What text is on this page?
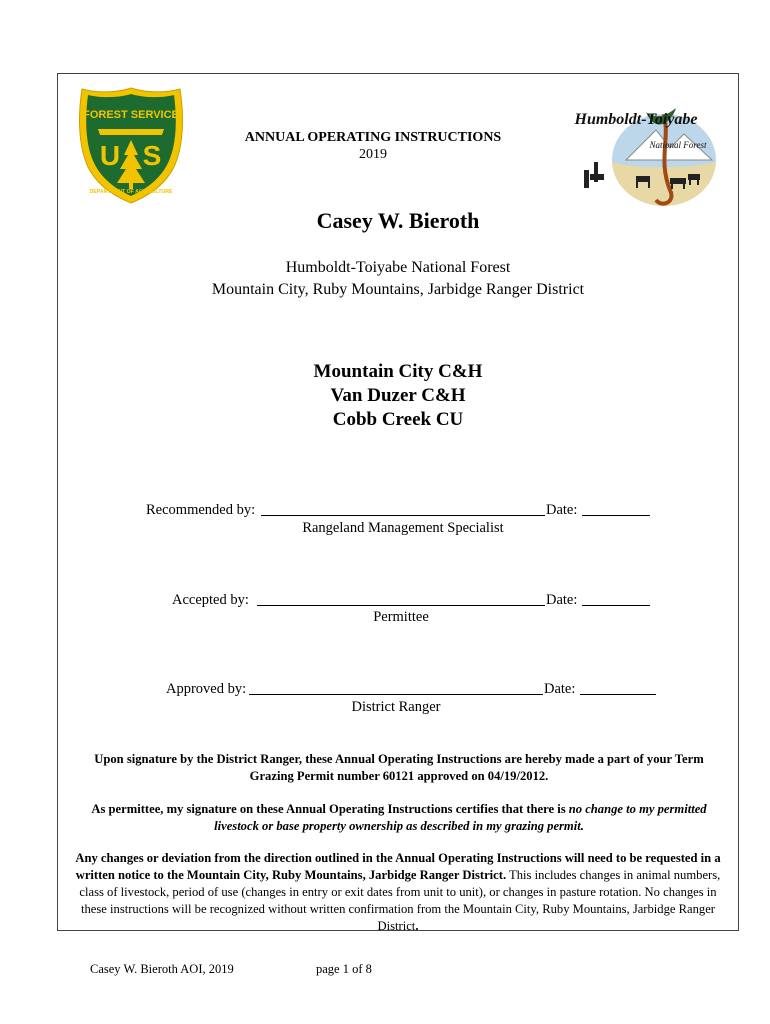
U S
FOREST SERVICE
DEPARTMENT OF AGRICULTURE
Humboldt-Toiyabe
National Forest
ANNUAL OPERATING INSTRUCTIONS
2019
Casey W. Bieroth
Humboldt-Toiyabe National Forest
Mountain City, Ruby Mountains, Jarbidge Ranger District
Mountain City C&H
Van Duzer C&H
Cobb Creek CU
Recommended by:	Date:
Rangeland Management Specialist
Accepted by:	Date:
Permittee
Approved by:	Date:
District Ranger
Upon signature by the District Ranger, these Annual Operating Instructions are hereby made a part of your Term Grazing Permit number 60121 approved on 04/19/2012.
As permittee, my signature on these Annual Operating Instructions certifies that there is no change to my permitted livestock or base property ownership as described in my grazing permit.
Any changes or deviation from the direction outlined in the Annual Operating Instructions will need to be requested in a written notice to the Mountain City, Ruby Mountains, Jarbidge Ranger District. This includes changes in animal numbers, class of livestock, period of use (changes in entry or exit dates from unit to unit), or changes in pasture rotation. No changes in these instructions will be recognized without written confirmation from the Mountain City, Ruby Mountains, Jarbidge Ranger District.
Casey W. Bieroth AOI, 2019	page 1 of 8
